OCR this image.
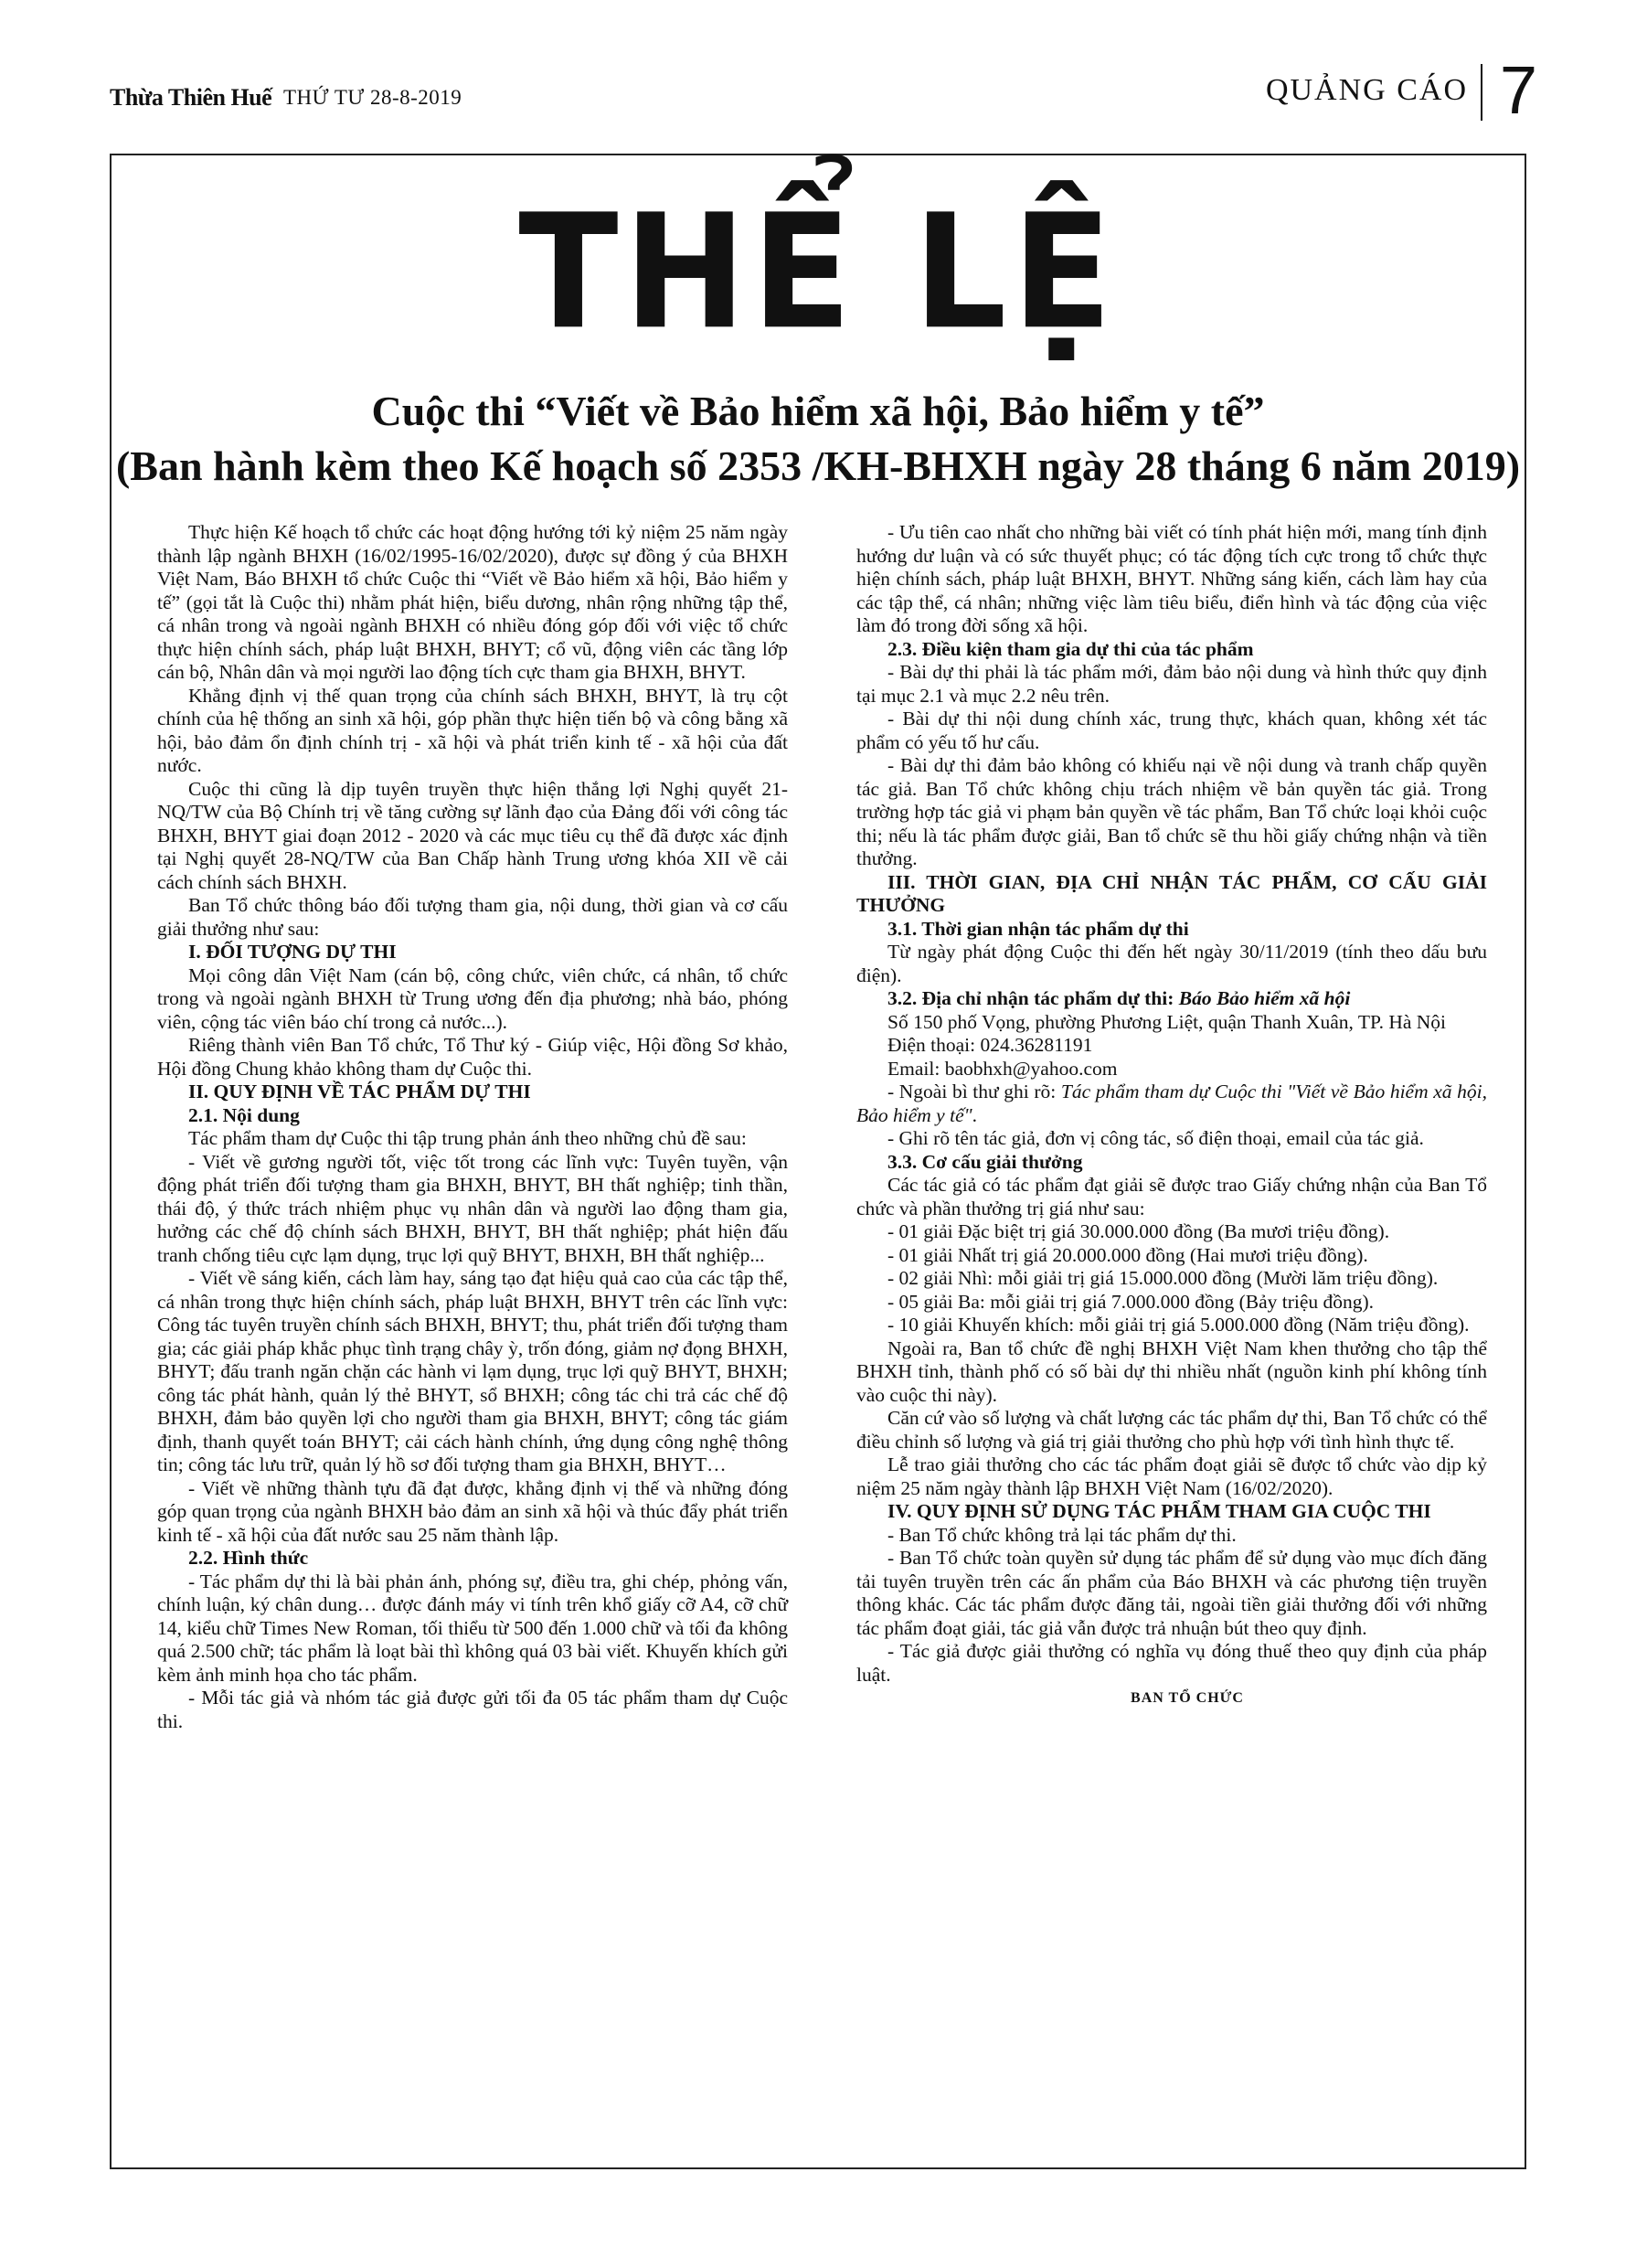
Thừa Thiên Huế THỨ TƯ 28-8-2019	QUẢNG CÁO 7
THỂ LỆ
Cuộc thi “Viết về Bảo hiểm xã hội, Bảo hiểm y tế”
(Ban hành kèm theo Kế hoạch số 2353 /KH-BHXH ngày 28 tháng 6 năm 2019)

Thực hiện Kế hoạch tổ chức các hoạt động hướng tới kỷ niệm 25 năm ngày thành lập ngành BHXH (16/02/1995-16/02/2020), được sự đồng ý của BHXH Việt Nam, Báo BHXH tổ chức Cuộc thi “Viết về Bảo hiểm xã hội, Bảo hiểm y tế” (gọi tắt là Cuộc thi) nhằm phát hiện, biểu dương, nhân rộng những tập thể, cá nhân trong và ngoài ngành BHXH có nhiều đóng góp đối với việc tổ chức thực hiện chính sách, pháp luật BHXH, BHYT; cổ vũ, động viên các tầng lớp cán bộ, Nhân dân và mọi người lao động tích cực tham gia BHXH, BHYT.

Khẳng định vị thế quan trọng của chính sách BHXH, BHYT, là trụ cột chính của hệ thống an sinh xã hội, góp phần thực hiện tiến bộ và công bằng xã hội, bảo đảm ổn định chính trị - xã hội và phát triển kinh tế - xã hội của đất nước.

Cuộc thi cũng là dịp tuyên truyền thực hiện thắng lợi Nghị quyết 21-NQ/TW của Bộ Chính trị về tăng cường sự lãnh đạo của Đảng đối với công tác BHXH, BHYT giai đoạn 2012 - 2020 và các mục tiêu cụ thể đã được xác định tại Nghị quyết 28-NQ/TW của Ban Chấp hành Trung ương khóa XII về cải cách chính sách BHXH.

Ban Tổ chức thông báo đối tượng tham gia, nội dung, thời gian và cơ cấu giải thưởng như sau:

I. ĐỐI TƯỢNG DỰ THI

Mọi công dân Việt Nam (cán bộ, công chức, viên chức, cá nhân, tổ chức trong và ngoài ngành BHXH từ Trung ương đến địa phương; nhà báo, phóng viên, cộng tác viên báo chí trong cả nước...).

Riêng thành viên Ban Tổ chức, Tổ Thư ký - Giúp việc, Hội đồng Sơ khảo, Hội đồng Chung khảo không tham dự Cuộc thi.

II. QUY ĐỊNH VỀ TÁC PHẨM DỰ THI

2.1. Nội dung

Tác phẩm tham dự Cuộc thi tập trung phản ánh theo những chủ đề sau:

- Viết về gương người tốt, việc tốt trong các lĩnh vực: Tuyên tuyền, vận động phát triển đối tượng tham gia BHXH, BHYT, BH thất nghiệp; tinh thần, thái độ, ý thức trách nhiệm phục vụ nhân dân và người lao động tham gia, hưởng các chế độ chính sách BHXH, BHYT, BH thất nghiệp; phát hiện đấu tranh chống tiêu cực lạm dụng, trục lợi quỹ BHYT, BHXH, BH thất nghiệp...

- Viết về sáng kiến, cách làm hay, sáng tạo đạt hiệu quả cao của các tập thể, cá nhân trong thực hiện chính sách, pháp luật BHXH, BHYT trên các lĩnh vực: Công tác tuyên truyền chính sách BHXH, BHYT; thu, phát triển đối tượng tham gia; các giải pháp khắc phục tình trạng chây ỳ, trốn đóng, giảm nợ đọng BHXH, BHYT; đấu tranh ngăn chặn các hành vi lạm dụng, trục lợi quỹ BHYT, BHXH; công tác phát hành, quản lý thẻ BHYT, sổ BHXH; công tác chi trả các chế độ BHXH, đảm bảo quyền lợi cho người tham gia BHXH, BHYT; công tác giám định, thanh quyết toán BHYT; cải cách hành chính, ứng dụng công nghệ thông tin; công tác lưu trữ, quản lý hồ sơ đối tượng tham gia BHXH, BHYT…

- Viết về những thành tựu đã đạt được, khẳng định vị thế và những đóng góp quan trọng của ngành BHXH bảo đảm an sinh xã hội và thúc đẩy phát triển kinh tế - xã hội của đất nước sau 25 năm thành lập.

2.2. Hình thức

- Tác phẩm dự thi là bài phản ánh, phóng sự, điều tra, ghi chép, phỏng vấn, chính luận, ký chân dung… được đánh máy vi tính trên khổ giấy cỡ A4, cỡ chữ 14, kiểu chữ Times New Roman, tối thiểu từ 500 đến 1.000 chữ và tối đa không quá 2.500 chữ; tác phẩm là loạt bài thì không quá 03 bài viết. Khuyến khích gửi kèm ảnh minh họa cho tác phẩm.

- Mỗi tác giả và nhóm tác giả được gửi tối đa 05 tác phẩm tham dự Cuộc thi.

- Ưu tiên cao nhất cho những bài viết có tính phát hiện mới, mang tính định hướng dư luận và có sức thuyết phục; có tác động tích cực trong tổ chức thực hiện chính sách, pháp luật BHXH, BHYT. Những sáng kiến, cách làm hay của các tập thể, cá nhân; những việc làm tiêu biểu, điển hình và tác động của việc làm đó trong đời sống xã hội.

2.3. Điều kiện tham gia dự thi của tác phẩm

- Bài dự thi phải là tác phẩm mới, đảm bảo nội dung và hình thức quy định tại mục 2.1 và mục 2.2 nêu trên.

- Bài dự thi nội dung chính xác, trung thực, khách quan, không xét tác phẩm có yếu tố hư cấu.

- Bài dự thi đảm bảo không có khiếu nại về nội dung và tranh chấp quyền tác giả. Ban Tổ chức không chịu trách nhiệm về bản quyền tác giả. Trong trường hợp tác giả vi phạm bản quyền về tác phẩm, Ban Tổ chức loại khỏi cuộc thi; nếu là tác phẩm được giải, Ban tổ chức sẽ thu hồi giấy chứng nhận và tiền thưởng.

III. THỜI GIAN, ĐỊA CHỈ NHẬN TÁC PHẨM, CƠ CẤU GIẢI THƯỞNG

3.1. Thời gian nhận tác phẩm dự thi

Từ ngày phát động Cuộc thi đến hết ngày 30/11/2019 (tính theo dấu bưu điện).

3.2. Địa chỉ nhận tác phẩm dự thi: Báo Bảo hiểm xã hội

Số 150 phố Vọng, phường Phương Liệt, quận Thanh Xuân, TP. Hà Nội

Điện thoại: 024.36281191

Email: baobhxh@yahoo.com

- Ngoài bì thư ghi rõ: Tác phẩm tham dự Cuộc thi "Viết về Bảo hiểm xã hội, Bảo hiểm y tế".

- Ghi rõ tên tác giả, đơn vị công tác, số điện thoại, email của tác giả.

3.3. Cơ cấu giải thưởng

Các tác giả có tác phẩm đạt giải sẽ được trao Giấy chứng nhận của Ban Tổ chức và phần thưởng trị giá như sau:

- 01 giải Đặc biệt trị giá 30.000.000 đồng (Ba mươi triệu đồng).

- 01 giải Nhất trị giá 20.000.000 đồng (Hai mươi triệu đồng).

- 02 giải Nhì: mỗi giải trị giá 15.000.000 đồng (Mười lăm triệu đồng).

- 05 giải Ba: mỗi giải trị giá 7.000.000 đồng (Bảy triệu đồng).

- 10 giải Khuyến khích: mỗi giải trị giá 5.000.000 đồng (Năm triệu đồng).

Ngoài ra, Ban tổ chức đề nghị BHXH Việt Nam khen thưởng cho tập thể BHXH tỉnh, thành phố có số bài dự thi nhiều nhất (nguồn kinh phí không tính vào cuộc thi này).

Căn cứ vào số lượng và chất lượng các tác phẩm dự thi, Ban Tổ chức có thể điều chỉnh số lượng và giá trị giải thưởng cho phù hợp với tình hình thực tế.

Lễ trao giải thưởng cho các tác phẩm đoạt giải sẽ được tổ chức vào dịp kỷ niệm 25 năm ngày thành lập BHXH Việt Nam (16/02/2020).

IV. QUY ĐỊNH SỬ DỤNG TÁC PHẨM THAM GIA CUỘC THI

- Ban Tổ chức không trả lại tác phẩm dự thi.

- Ban Tổ chức toàn quyền sử dụng tác phẩm để sử dụng vào mục đích đăng tải tuyên truyền trên các ấn phẩm của Báo BHXH và các phương tiện truyền thông khác. Các tác phẩm được đăng tải, ngoài tiền giải thưởng đối với những tác phẩm đoạt giải, tác giả vẫn được trả nhuận bút theo quy định.

- Tác giả được giải thưởng có nghĩa vụ đóng thuế theo quy định của pháp luật.

BAN TỔ CHỨC
